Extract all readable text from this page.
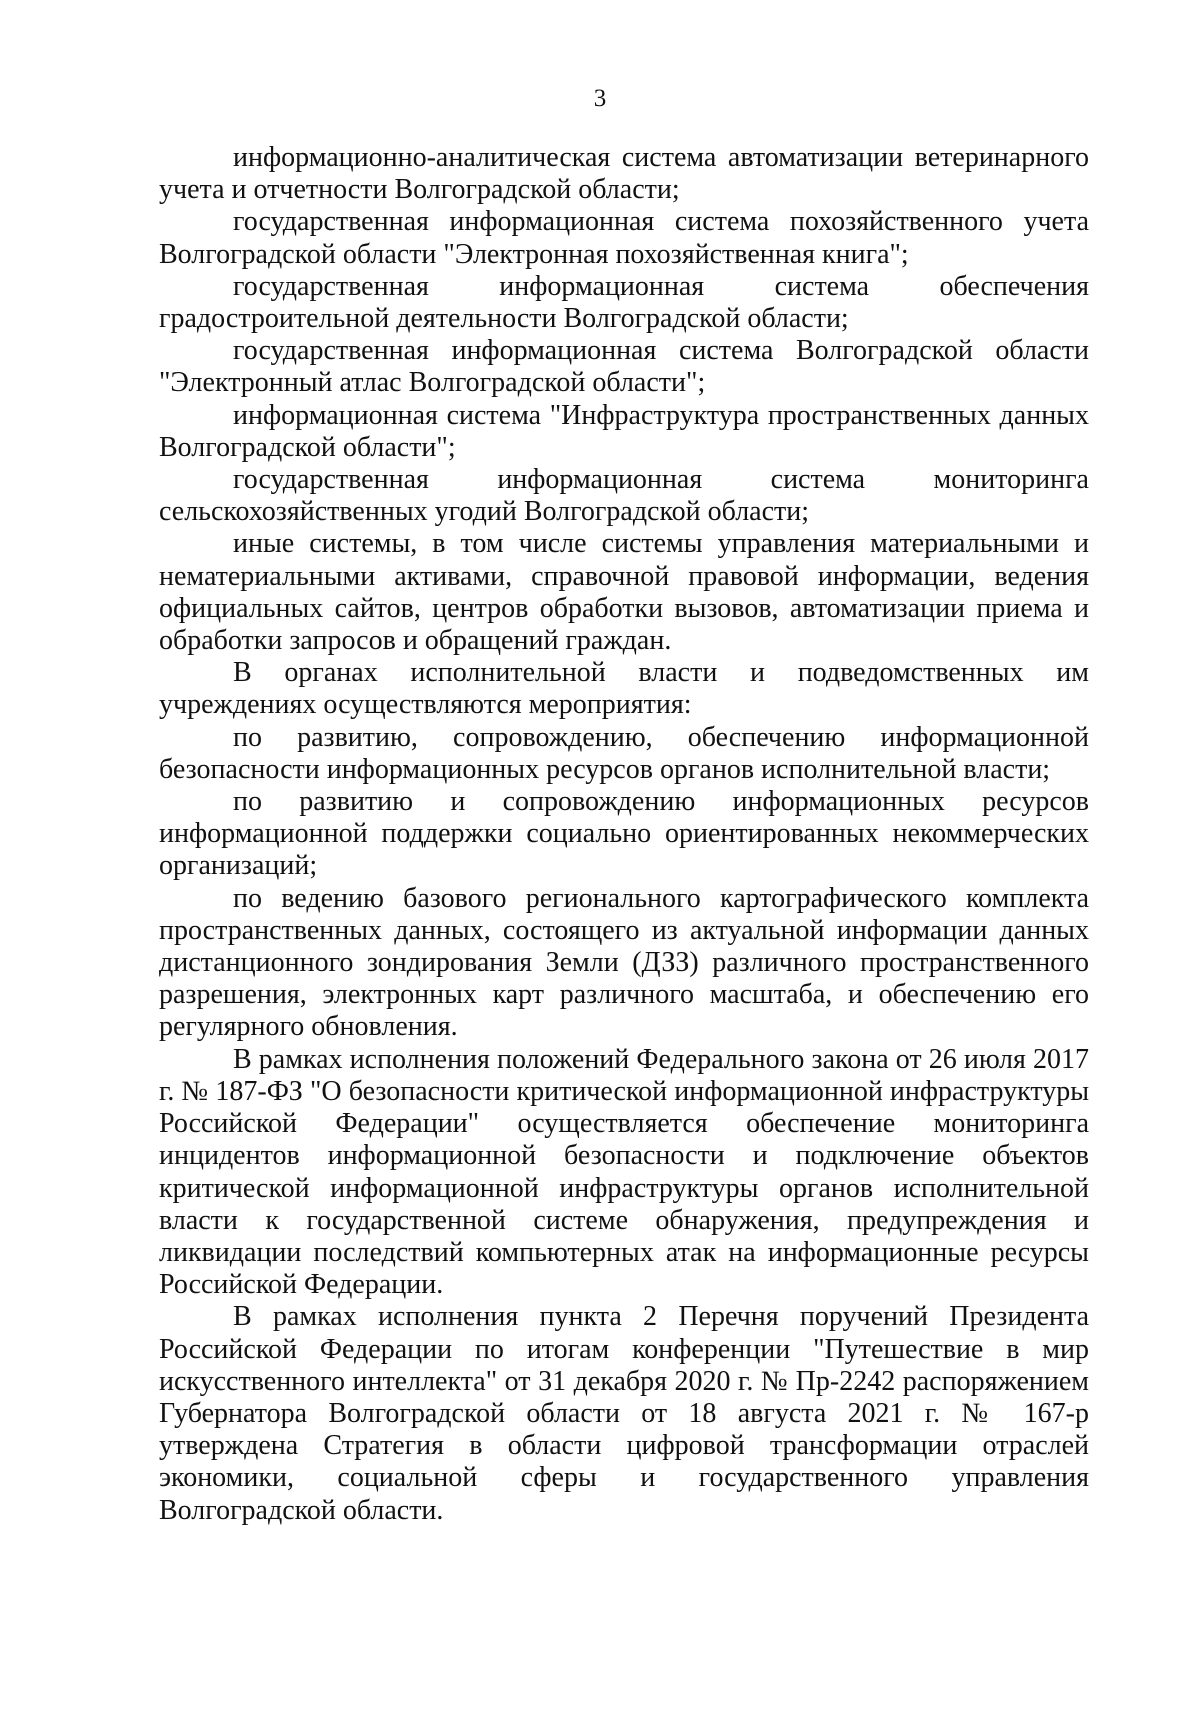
3

информационно-аналитическая система автоматизации ветеринарного учета и отчетности Волгоградской области;

государственная информационная система похозяйственного учета Волгоградской области "Электронная похозяйственная книга";

государственная информационная система обеспечения градостроительной деятельности Волгоградской области;

государственная информационная система Волгоградской области "Электронный атлас Волгоградской области";

информационная система "Инфраструктура пространственных данных Волгоградской области";

государственная информационная система мониторинга сельскохозяйственных угодий Волгоградской области;

иные системы, в том числе системы управления материальными и нематериальными активами, справочной правовой информации, ведения официальных сайтов, центров обработки вызовов, автоматизации приема и обработки запросов и обращений граждан.

В органах исполнительной власти и подведомственных им учреждениях осуществляются мероприятия:

по развитию, сопровождению, обеспечению информационной безопасности информационных ресурсов органов исполнительной власти;

по развитию и сопровождению информационных ресурсов информационной поддержки социально ориентированных некоммерческих организаций;

по ведению базового регионального картографического комплекта пространственных данных, состоящего из актуальной информации данных дистанционного зондирования Земли (ДЗЗ) различного пространственного разрешения, электронных карт различного масштаба, и обеспечению его регулярного обновления.

В рамках исполнения положений Федерального закона от 26 июля 2017 г. № 187-ФЗ "О безопасности критической информационной инфраструктуры Российской Федерации" осуществляется обеспечение мониторинга инцидентов информационной безопасности и подключение объектов критической информационной инфраструктуры органов исполнительной власти к государственной системе обнаружения, предупреждения и ликвидации последствий компьютерных атак на информационные ресурсы Российской Федерации.

В рамках исполнения пункта 2 Перечня поручений Президента Российской Федерации по итогам конференции "Путешествие в мир искусственного интеллекта" от 31 декабря 2020 г. № Пр-2242 распоряжением Губернатора Волгоградской области от 18 августа 2021 г. № 167-р утверждена Стратегия в области цифровой трансформации отраслей экономики, социальной сферы и государственного управления Волгоградской области.
